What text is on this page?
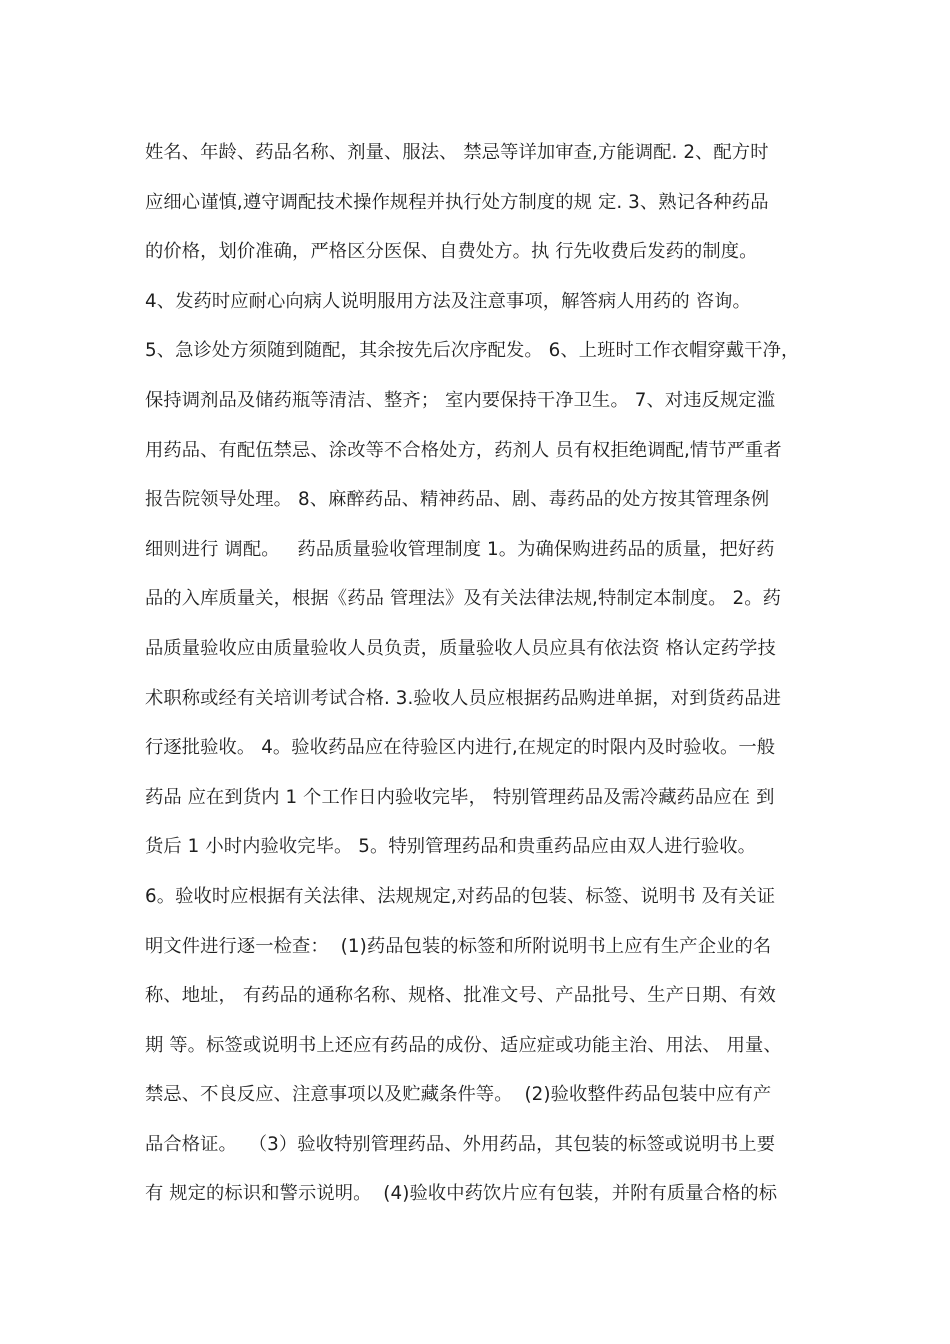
姓名、年龄、药品名称、剂量、服法、 禁忌等详加审查,方能调配. 2、配方时
应细心谨慎,遵守调配技术操作规程并执行处方制度的规 定. 3、熟记各种药品
的价格，划价准确，严格区分医保、自费处方。执 行先收费后发药的制度。
4、发药时应耐心向病人说明服用方法及注意事项，解答病人用药的 咨询。
5、急诊处方须随到随配，其余按先后次序配发。 6、上班时工作衣帽穿戴干净，
保持调剂品及储药瓶等清洁、整齐； 室内要保持干净卫生。 7、对违反规定滥
用药品、有配伍禁忌、涂改等不合格处方，药剂人 员有权拒绝调配,情节严重者
报告院领导处理。 8、麻醉药品、精神药品、剧、毒药品的处方按其管理条例
细则进行 调配。   药品质量验收管理制度 1。为确保购进药品的质量，把好药
品的入库质量关，根据《药品 管理法》及有关法律法规,特制定本制度。 2。药
品质量验收应由质量验收人员负责，质量验收人员应具有依法资 格认定药学技
术职称或经有关培训考试合格. 3.验收人员应根据药品购进单据，对到货药品进
行逐批验收。 4。验收药品应在待验区内进行,在规定的时限内及时验收。一般
药品 应在到货内 1 个工作日内验收完毕， 特别管理药品及需冷藏药品应在 到
货后 1 小时内验收完毕。 5。特别管理药品和贵重药品应由双人进行验收。
6。验收时应根据有关法律、法规规定,对药品的包装、标签、说明书 及有关证
明文件进行逐一检查：  (1)药品包装的标签和所附说明书上应有生产企业的名
称、地址， 有药品的通称名称、规格、批准文号、产品批号、生产日期、有效
期 等。标签或说明书上还应有药品的成份、适应症或功能主治、用法、 用量、
禁忌、不良反应、注意事项以及贮藏条件等。  (2)验收整件药品包装中应有产
品合格证。  （3）验收特别管理药品、外用药品，其包装的标签或说明书上要
有 规定的标识和警示说明。  (4)验收中药饮片应有包装，并附有质量合格的标
